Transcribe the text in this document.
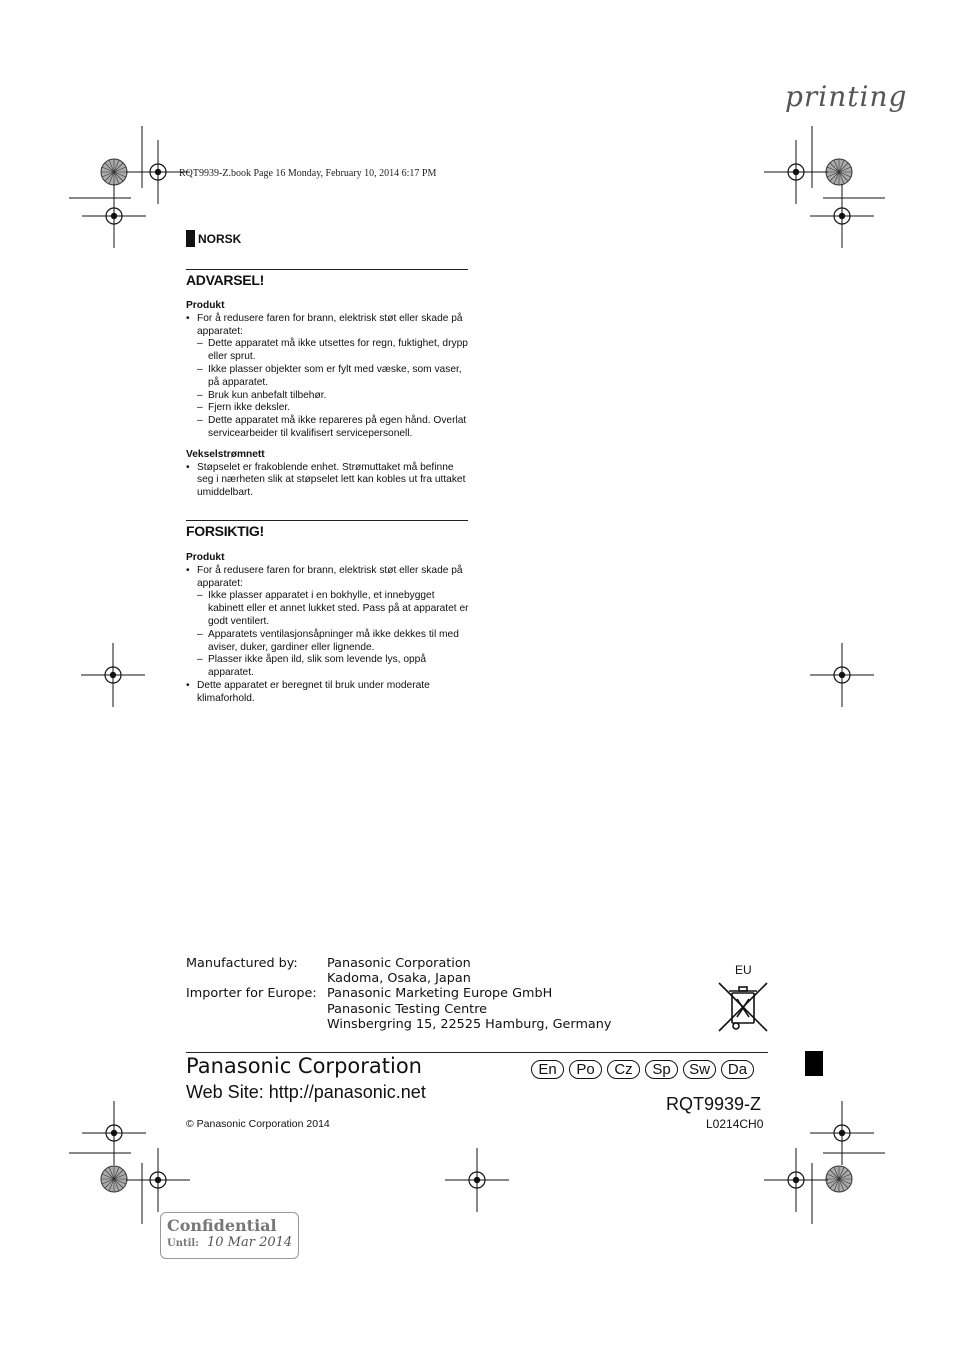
printing
RQT9939-Z.book Page 16 Monday, February 10, 2014 6:17 PM
NORSK
ADVARSEL!

Produkt

• For å redusere faren for brann, elektrisk støt eller skade på apparatet:

– Dette apparatet må ikke utsettes for regn, fuktighet, drypp eller sprut.

– Ikke plasser objekter som er fylt med væske, som vaser, på apparatet.

– Bruk kun anbefalt tilbehør.

– Fjern ikke deksler.

– Dette apparatet må ikke repareres på egen hånd. Overlat servicearbeider til kvalifisert servicepersonell.

Vekselstrømnett

• Støpselet er frakoblende enhet. Strømuttaket må befinne seg i nærheten slik at støpselet lett kan kobles ut fra uttaket umiddelbart.

FORSIKTIG!

Produkt

• For å redusere faren for brann, elektrisk støt eller skade på apparatet:

– Ikke plasser apparatet i en bokhylle, et innebygget kabinett eller et annet lukket sted. Pass på at apparatet er godt ventilert.

– Apparatets ventilasjonsåpninger må ikke dekkes til med aviser, duker, gardiner eller lignende.

– Plasser ikke åpen ild, slik som levende lys, oppå apparatet.

• Dette apparatet er beregnet til bruk under moderate klimaforhold.

Manufactured by:	Panasonic Corporation
	Kadoma, Osaka, Japan
Importer for Europe:	Panasonic Marketing Europe GmbH
	Panasonic Testing Centre
	Winsbergring 15, 22525 Hamburg, Germany
EU
Panasonic Corporation
Web Site: http://panasonic.net
© Panasonic Corporation 2014
En	Po	Cz	Sp	Sw	Da
RQT9939-Z
L0214CH0
Confidential
Until: 10 Mar 2014
